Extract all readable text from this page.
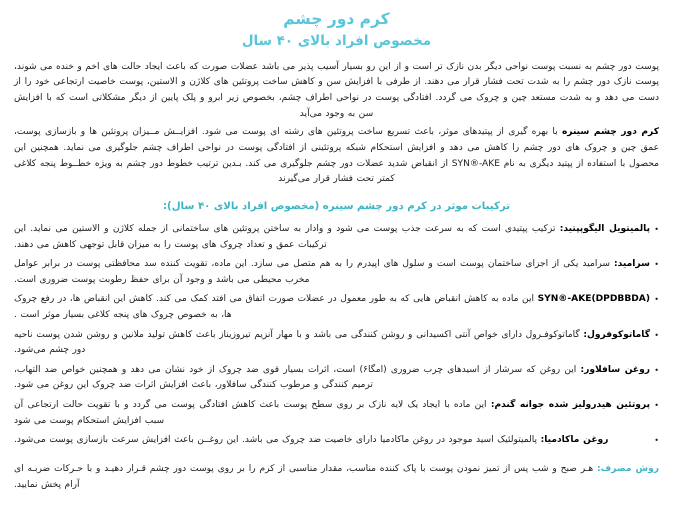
کرم دور چشم
مخصوص افراد بالای ۴۰ سال

پوست دور چشم به نسبت پوست نواحی دیگر بدن نازک تر است و از این رو بسیار آسیب پذیر می باشد عضلات صورت که باعث ایجاد حالت های اخم و خنده می شوند، پوست نازک دور چشم را به شدت تحت فشار قرار می دهند. از طرفی با افزایش سن و کاهش ساخت پروتئین های کلاژن و الاستین، پوست خاصیت ارتجاعی خود را از دست می دهد و به شدت مستعد چین و چروک می گردد. افتادگی پوست در نواحی اطراف چشم، بخصوص زیر ابرو و پلک پایین از دیگر مشکلاتی است که با افزایش سن به وجود می‌آید

کرم دور چشم سینره با بهره گیری از پپتیدهای موثر، باعث تسریع ساخت پروتئین های رشته ای پوست می شود. افزایــش مــیزان پروتئین ها و بازسازی پوست، عمق چین و چروک های دور چشم را کاهش می دهد و افزایش استحکام شبکه پروتئینی از افتادگی پوست در نواحی اطراف چشم جلوگیری می نماید. همچنین این محصول با استفاده از پپتید دیگری به نام SYN®-AKE از انقباض شدید عضلات دور چشم جلوگیری می کند. بـدین ترتیب خطوط دور چشم به ویژه خطــوط پنجه کلاغی کمتر تحت فشار قرار می‌گیرند

ترکیبات موثر در کرم دور چشم سینره (مخصوص افراد بالای ۴۰ سال):
• پالمیتویل الیگوپپتید: ترکیب پپتیدی است که به سرعت جذب پوست می شود و وادار به ساختن پروتئین های ساختمانی از جمله کلاژن و الاستین می نماید. این ترکیبات عمق و تعداد چروک های پوست را به میزان قابل توجهی کاهش می دهند.
• سرامید: سرامید یکی از اجزای ساختمان پوست است و سلول های اپیدرم را به هم متصل می سازد. این ماده، تقویت کننده سد محافظتی پوست در برابر عوامل مخرب محیطی می باشد و وجود آن برای حفظ رطوبت پوست ضروری است.
• SYN®-AKE(DPDBBDA) این ماده به کاهش انقباض هایی که به طور معمول در عضلات صورت اتفاق می افتد کمک می کند. کاهش این انقباض ها، در رفع چروک ها، به خصوص چروک های پنجه کلاغی بسیار موثر است .
• گاماتوکوفرول: گاماتوکوفـرول دارای خواص آنتی اکسیدانی و روشن کنندگی می باشد و با مهار آنزیم تیروزیناز باعث کاهش تولید ملانین و روشن شدن پوست ناحیه دور چشم می‌شود.
• روغن سافلاور: این روغن که سرشار از اسیدهای چرب ضروری (امگا۶) است، اثرات بسیار قوی ضد چروک از خود نشان می دهد و همچنین خواص ضد التهاب، ترمیم کنندگی و مرطوب کنندگی سافلاور، باعث افزایش اثرات ضد چروک این روغن می شود.
• پروتئین هیدرولیز شده جوانه گندم: این ماده با ایجاد یک لایه نازک بر روی سطح پوست باعث کاهش افتادگی پوست می گردد و با تقویت حالت ارتجاعی آن سبب افزایش استحکام پوست می شود
• روغن ماکادمیا: پالمیتولئیک اسید موجود در روغن ماکادمیا دارای خاصیت ضد چروک می باشد. این روغــن باعث افزایش سرعت بازسازی پوست می‌شود.

روش مصرف: هـر صبح و شب پس از تمیز نمودن پوست با پاک کننده مناسب، مقدار مناسبی از کرم را بر روی پوست دور چشم قـرار دهیـد و با حـرکات ضربـه ای آرام پخش نمایید.
